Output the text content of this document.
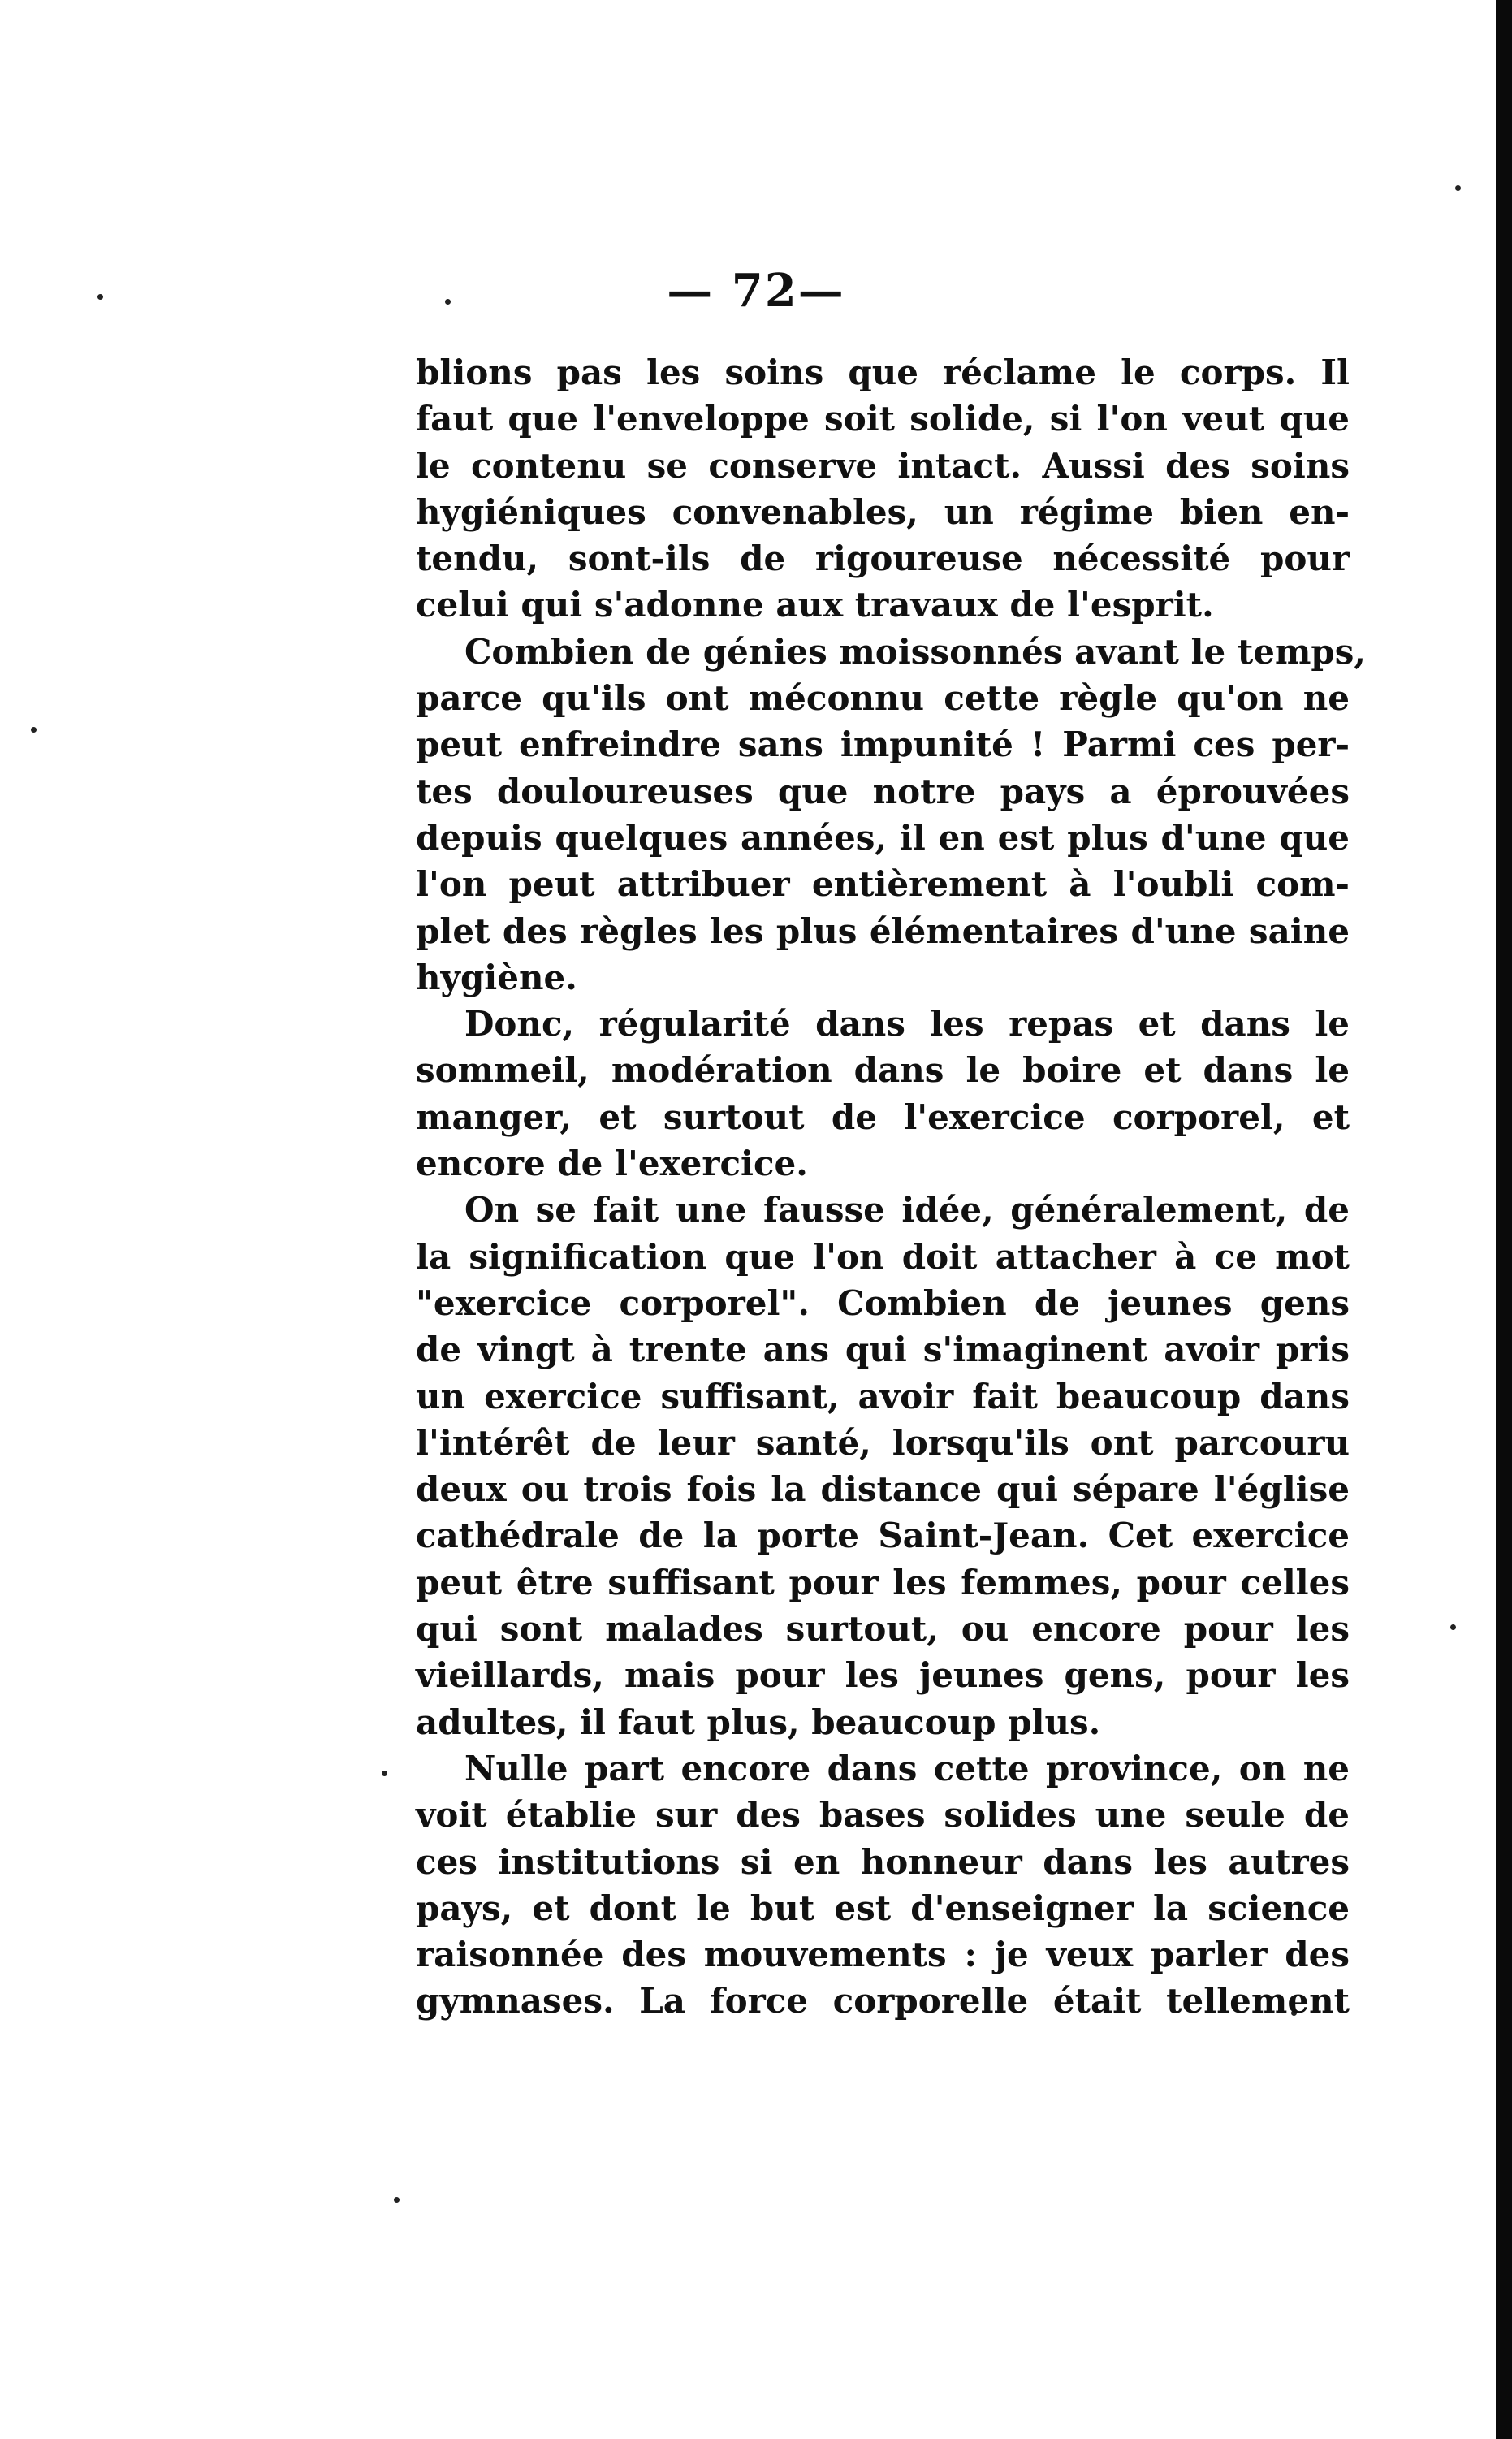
— 72—
blions pas les soins que réclame le corps. Il
faut que l'enveloppe soit solide, si l'on veut que
le contenu se conserve intact. Aussi des soins
hygiéniques convenables, un régime bien en-
tendu, sont-ils de rigoureuse nécessité pour
celui qui s'adonne aux travaux de l'esprit.
Combien de génies moissonnés avant le temps,
parce qu'ils ont méconnu cette règle qu'on ne
peut enfreindre sans impunité ! Parmi ces per-
tes douloureuses que notre pays a éprouvées
depuis quelques années, il en est plus d'une que
l'on peut attribuer entièrement à l'oubli com-
plet des règles les plus élémentaires d'une saine
hygiène.
Donc, régularité dans les repas et dans le
sommeil, modération dans le boire et dans le
manger, et surtout de l'exercice corporel, et
encore de l'exercice.
On se fait une fausse idée, généralement, de
la signification que l'on doit attacher à ce mot
"exercice corporel". Combien de jeunes gens
de vingt à trente ans qui s'imaginent avoir pris
un exercice suffisant, avoir fait beaucoup dans
l'intérêt de leur santé, lorsqu'ils ont parcouru
deux ou trois fois la distance qui sépare l'église
cathédrale de la porte Saint-Jean. Cet exercice
peut être suffisant pour les femmes, pour celles
qui sont malades surtout, ou encore pour les
vieillards, mais pour les jeunes gens, pour les
adultes, il faut plus, beaucoup plus.
Nulle part encore dans cette province, on ne
voit établie sur des bases solides une seule de
ces institutions si en honneur dans les autres
pays, et dont le but est d'enseigner la science
raisonnée des mouvements : je veux parler des
gymnases. La force corporelle était tellement
